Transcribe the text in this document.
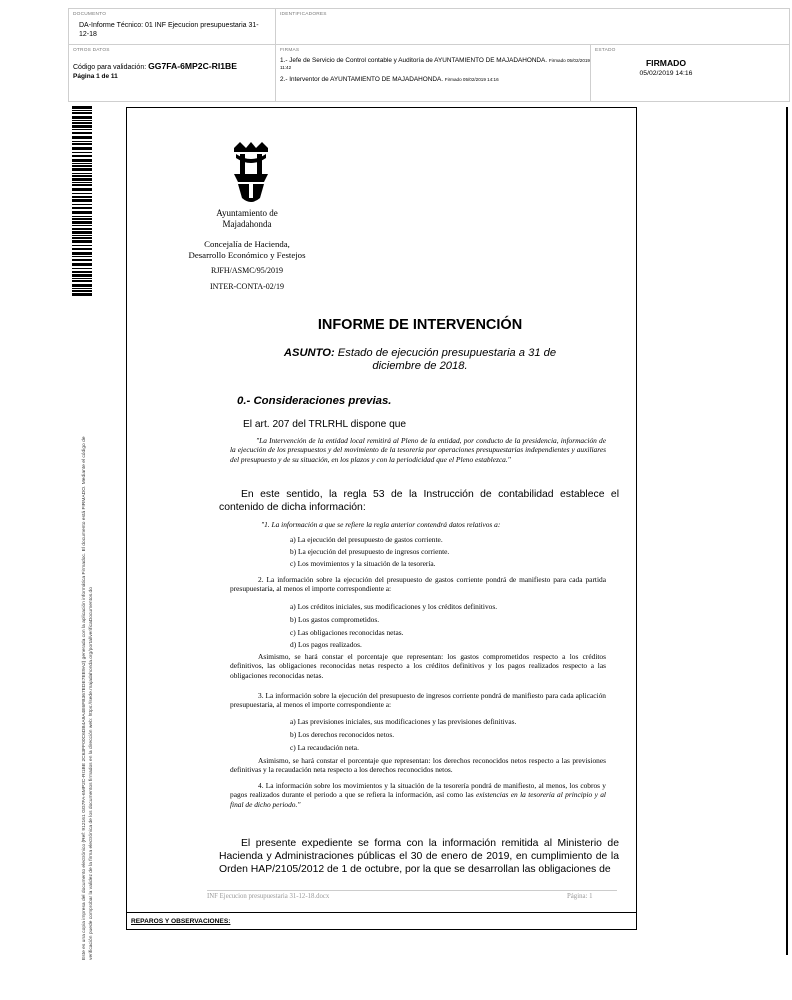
DOCUMENTO
DA-Informe Técnico: 01 INF Ejecucion presupuestaria 31-12-18
IDENTIFICADORES
OTROS DATOS
Código para validación: GG7FA-6MP2C-RI1BE
Página 1 de 11
FIRMAS
1.- Jefe de Servicio de Control contable y Auditoría de AYUNTAMIENTO DE MAJADAHONDA. Firmado 05/02/2019 11:42
2.- Interventor de AYUNTAMIENTO DE MAJADAHONDA. Firmado 05/02/2019 14:16
ESTADO
FIRMADO
05/02/2019 14:16
Este es una copia impresa del documento electrónico (Ref: 912161 GG7FA-6MP2C-RI1BE 2C63FF00C6DB4A9A4E6FB367EDE7EE9A2) generada con la aplicación informática Firmadoc. El documento está FIRMADO. Mediante el código de verificación puede comprobar la validez de la firma electrónica de los documentos firmados en la dirección web: https://sede.majadahonda.org/portal/verificaDocumentos.do
Ayuntamiento de
Majadahonda
Concejalía de Hacienda,
Desarrollo Económico y Festejos
RJFH/ASMC/95/2019
INTER-CONTA-02/19
INFORME DE INTERVENCIÓN
ASUNTO: Estado de ejecución presupuestaria a 31 de
diciembre de 2018.
0.- Consideraciones previas.
El art. 207 del TRLRHL dispone que
"La Intervención de la entidad local remitirá al Pleno de la entidad, por conducto de la presidencia, información de la ejecución de los presupuestos y del movimiento de la tesorería por operaciones presupuestarias independientes y auxiliares del presupuesto y de su situación, en los plazos y con la periodicidad que el Pleno establezca."
En este sentido, la regla 53 de la Instrucción de contabilidad establece el contenido de dicha información:
"1. La información a que se refiere la regla anterior contendrá datos relativos a:
a) La ejecución del presupuesto de gastos corriente.
b) La ejecución del presupuesto de ingresos corriente.
c) Los movimientos y la situación de la tesorería.
2. La información sobre la ejecución del presupuesto de gastos corriente pondrá de manifiesto para cada partida presupuestaria, al menos el importe correspondiente a:
a) Los créditos iniciales, sus modificaciones y los créditos definitivos.
b) Los gastos comprometidos.
c) Las obligaciones reconocidas netas.
d) Los pagos realizados.
Asimismo, se hará constar el porcentaje que representan: los gastos comprometidos respecto a los créditos definitivos, las obligaciones reconocidas netas respecto a los créditos definitivos y los pagos realizados respecto a las obligaciones reconocidas netas.
3. La información sobre la ejecución del presupuesto de ingresos corriente pondrá de manifiesto para cada aplicación presupuestaria, al menos el importe correspondiente a:
a) Las previsiones iniciales, sus modificaciones y las previsiones definitivas.
b) Los derechos reconocidos netos.
c) La recaudación neta.
Asimismo, se hará constar el porcentaje que representan: los derechos reconocidos netos respecto a las previsiones definitivas y la recaudación neta respecto a los derechos reconocidos netos.
4. La información sobre los movimientos y la situación de la tesorería pondrá de manifiesto, al menos, los cobros y pagos realizados durante el periodo a que se refiera la información, así como las existencias en la tesorería al principio y al final de dicho periodo."
El presente expediente se forma con la información remitida al Ministerio de Hacienda y Administraciones públicas el 30 de enero de 2019, en cumplimiento de la Orden HAP/2105/2012 de 1 de octubre, por la que se desarrollan las obligaciones de
INF Ejecucion presupuestaria 31-12-18.docx	Página: 1
REPAROS Y OBSERVACIONES:
